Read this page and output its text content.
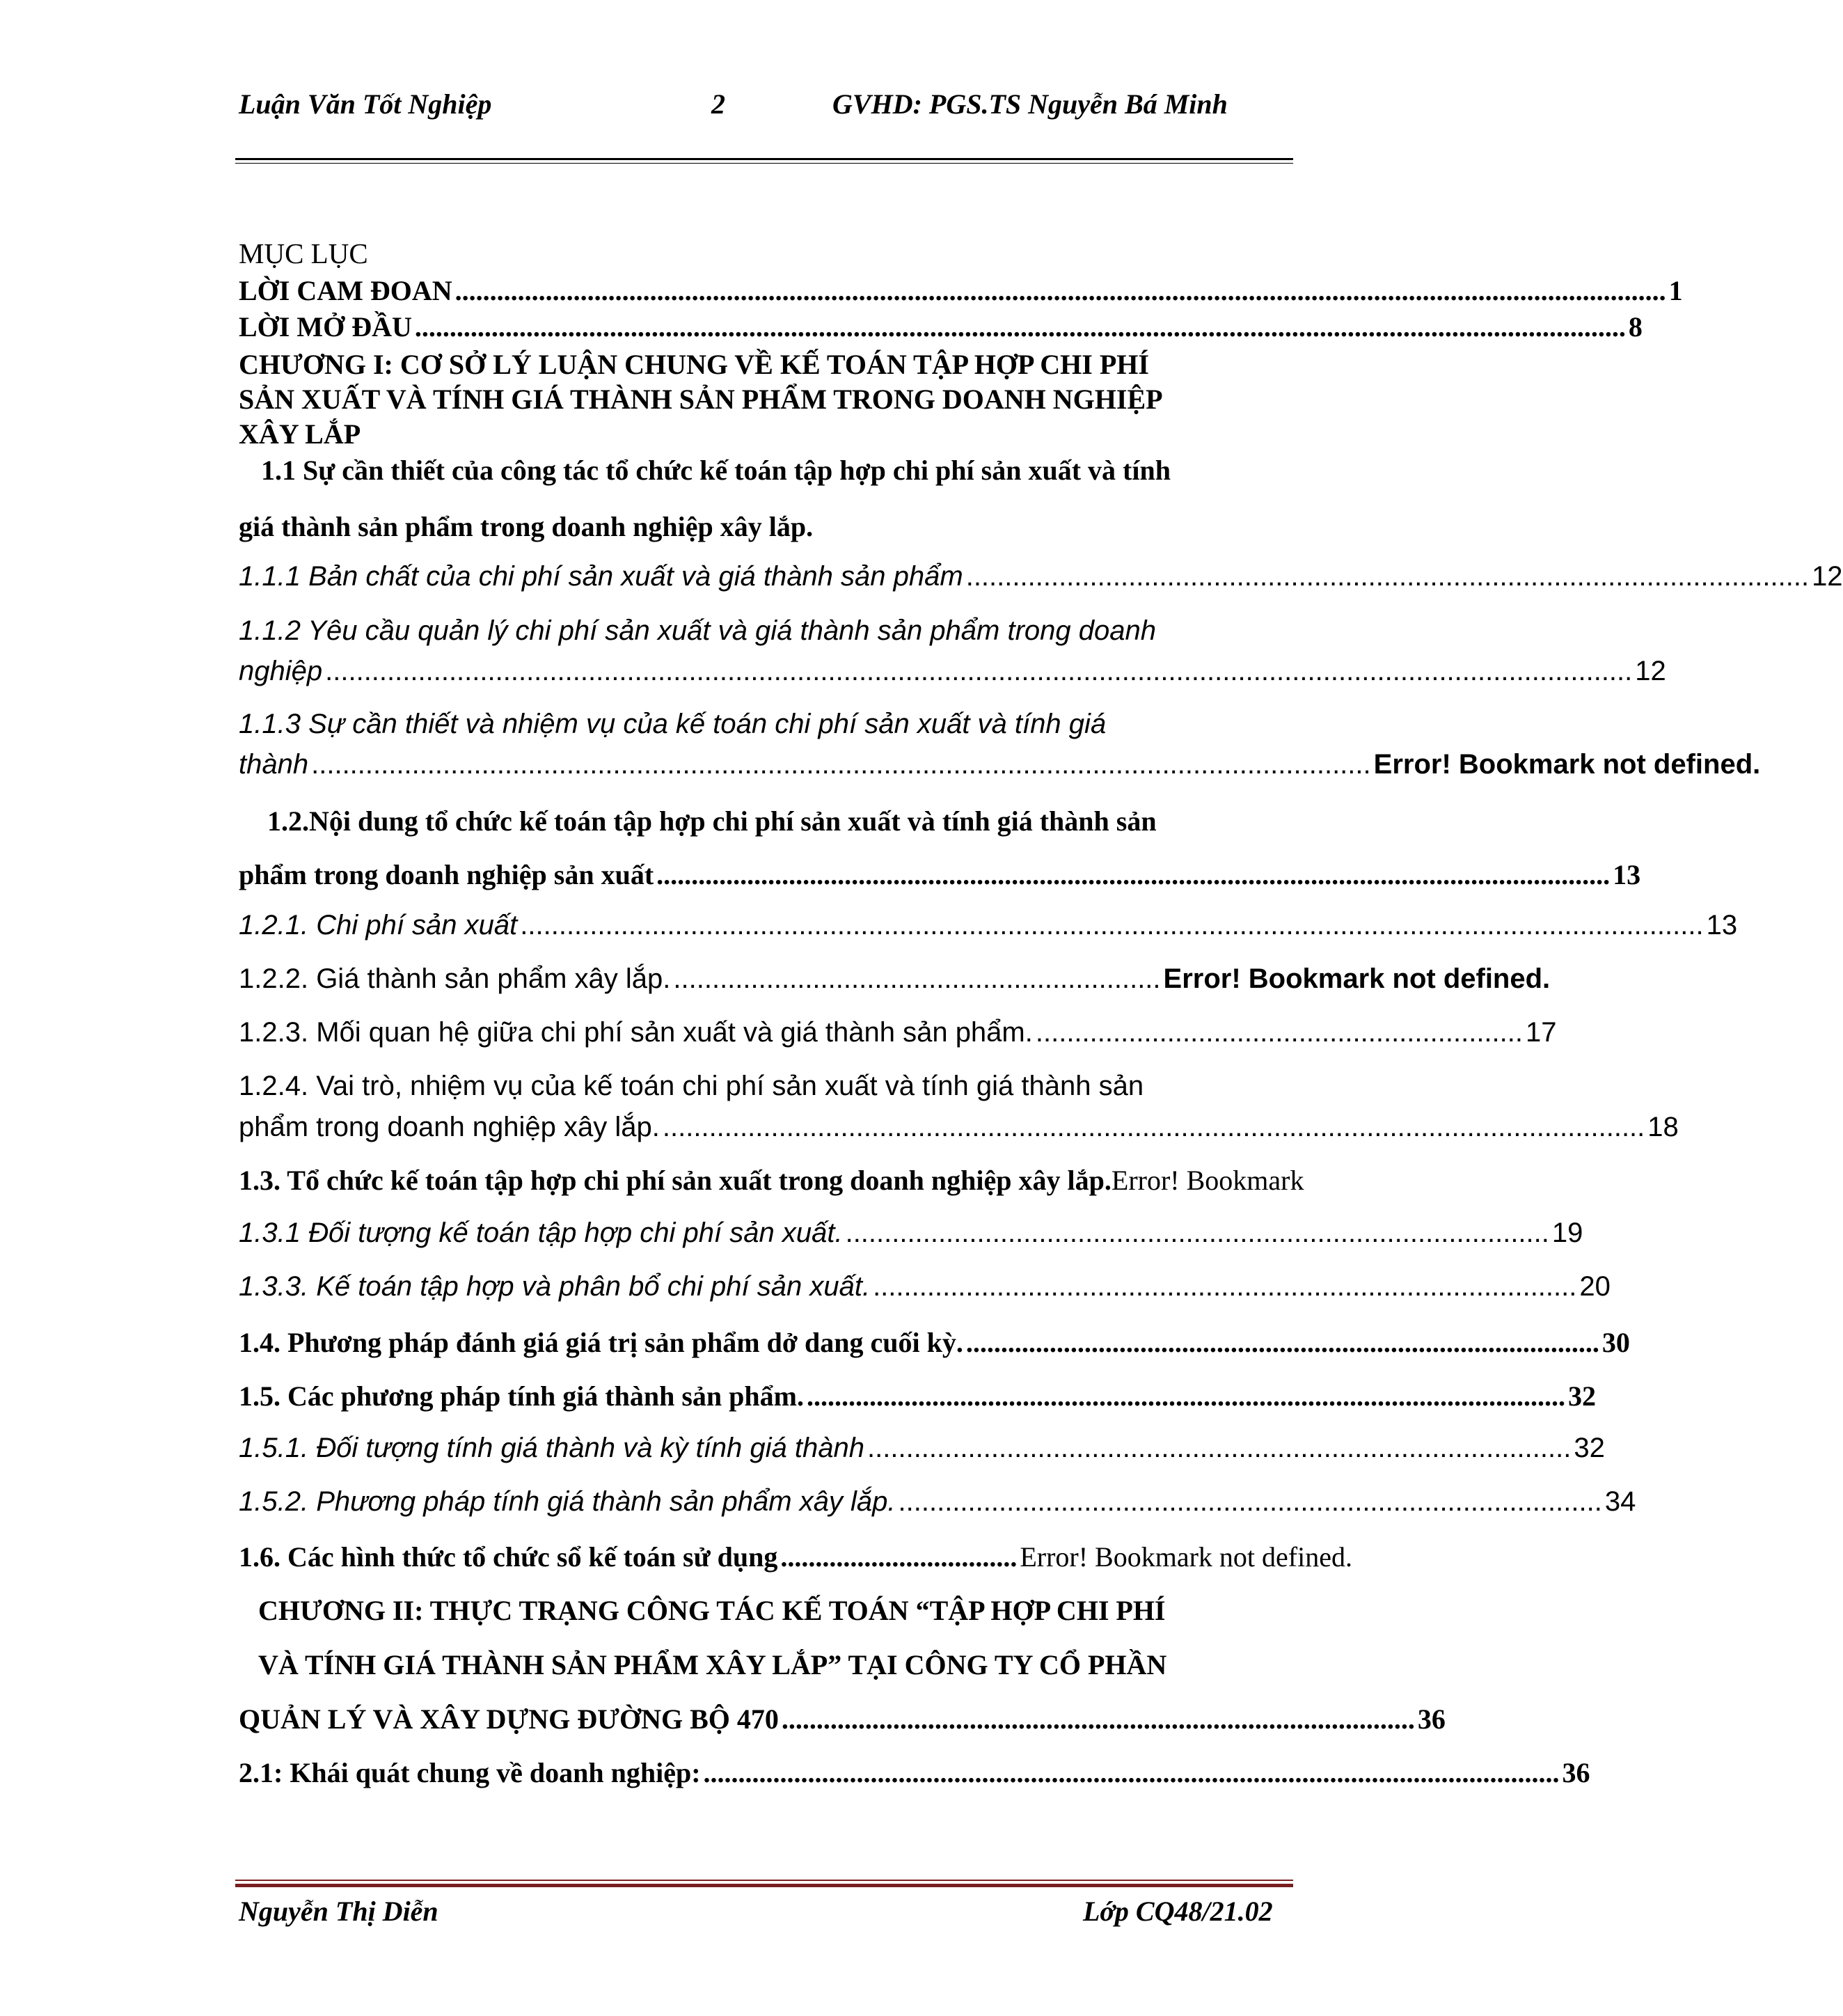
Luận Văn Tốt Nghiệp	2	GVHD: PGS.TS Nguyễn Bá Minh
MỤC LỤC
LỜI CAM ĐOAN .............................................................................................................................................................................. 1
LỜI MỞ ĐẦU .............................................................................................................................................................................. 8
CHƯƠNG I: CƠ SỞ LÝ LUẬN CHUNG VỀ KẾ TOÁN TẬP HỢP CHI PHÍ
SẢN XUẤT VÀ TÍNH GIÁ THÀNH SẢN PHẨM TRONG DOANH NGHIỆP
XÂY LẮP
1.1 Sự cần thiết của công tác tổ chức kế toán tập hợp chi phí sản xuất và tính
giá thành sản phẩm trong doanh nghiệp xây lắp.
1.1.1 Bản chất của chi phí sản xuất và giá thành sản phẩm ............................................................................................................. 12
1.1.2 Yêu cầu quản lý chi phí sản xuất và giá thành sản phẩm trong doanh
nghiệp ......................................................................................................................................................................... 12
1.1.3 Sự cần thiết và nhiệm vụ của kế toán chi phí sản xuất và tính giá
thành ......................................................................................................................................... Error! Bookmark not defined.
1.2.Nội dung tổ chức kế toán tập hợp chi phí sản xuất và tính giá thành sản
phẩm trong doanh nghiệp sản xuất ......................................................................................................................................... 13
1.2.1. Chi phí sản xuất ......................................................................................................................................................... 13
1.2.2. Giá thành sản phẩm xây lắp. ............................................................... Error! Bookmark not defined.
1.2.3. Mối quan hệ giữa chi phí sản xuất và giá thành sản phẩm. ............................................................... 17
1.2.4. Vai trò, nhiệm vụ của kế toán chi phí sản xuất và tính giá thành sản
phẩm trong doanh nghiệp xây lắp. ............................................................................................................................... 18
1.3. Tổ chức kế toán tập hợp chi phí sản xuất trong doanh nghiệp xây lắp.Error! Bookmark
1.3.1 Đối tượng kế toán tập hợp chi phí sản xuất. ........................................................................................... 19
1.3.3. Kế toán tập hợp và phân bổ chi phí sản xuất. ........................................................................................... 20
1.4. Phương pháp đánh giá giá trị sản phẩm dở dang cuối kỳ. ........................................................................................... 30
1.5. Các phương pháp tính giá thành sản phẩm. ............................................................................................................. 32
1.5.1. Đối tượng tính giá thành và kỳ tính giá thành ........................................................................................... 32
1.5.2. Phương pháp tính giá thành sản phẩm xây lắp. ........................................................................................... 34
1.6. Các hình thức tổ chức sổ kế toán sử dụng .................................. Error! Bookmark not defined.
CHƯƠNG II: THỰC TRẠNG CÔNG TÁC KẾ TOÁN “TẬP HỢP CHI PHÍ
VÀ TÍNH GIÁ THÀNH SẢN PHẨM XÂY LẮP” TẠI CÔNG TY CỔ PHẦN
QUẢN LÝ VÀ XÂY DỰNG ĐƯỜNG BỘ 470 ........................................................................................... 36
2.1: Khái quát chung về doanh nghiệp: ........................................................................................................................... 36
Nguyễn Thị Diễn	Lớp CQ48/21.02
